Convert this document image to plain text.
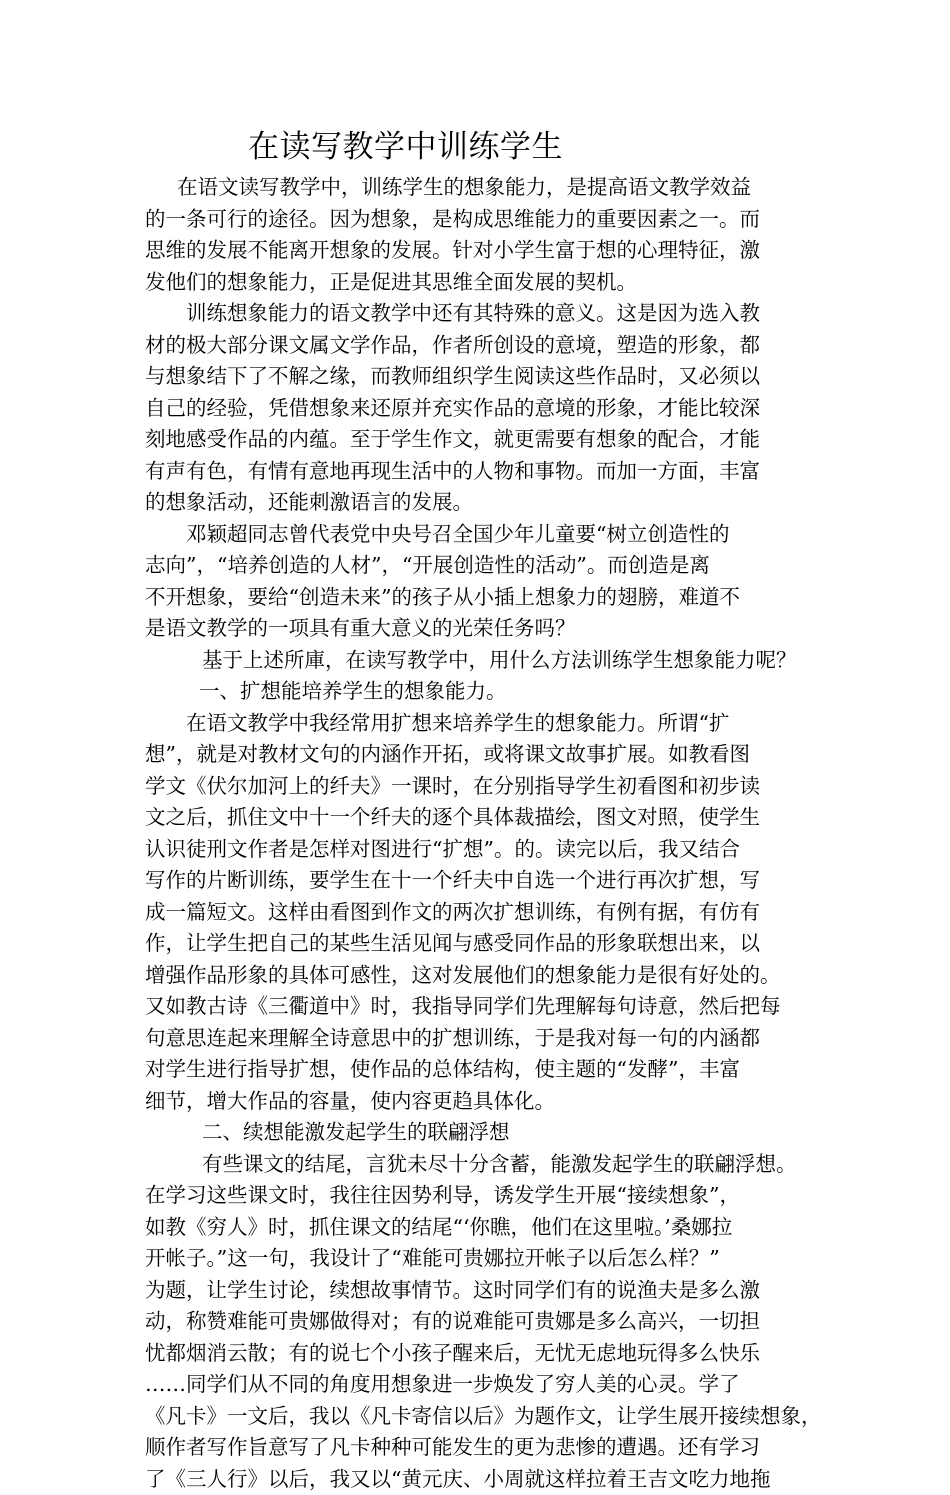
在读写教学中训练学生
在语文读写教学中，训练学生的想象能力，是提高语文教学效益
的一条可行的途径。因为想象，是构成思维能力的重要因素之一。而
思维的发展不能离开想象的发展。针对小学生富于想的心理特征，激
发他们的想象能力，正是促进其思维全面发展的契机。
训练想象能力的语文教学中还有其特殊的意义。这是因为选入教
材的极大部分课文属文学作品，作者所创设的意境，塑造的形象，都
与想象结下了不解之缘，而教师组织学生阅读这些作品时，又必须以
自己的经验，凭借想象来还原并充实作品的意境的形象，才能比较深
刻地感受作品的内蕴。至于学生作文，就更需要有想象的配合，才能
有声有色，有情有意地再现生活中的人物和事物。而加一方面，丰富
的想象活动，还能刺激语言的发展。
邓颖超同志曾代表党中央号召全国少年儿童要“树立创造性的
志向”，“培养创造的人材”，“开展创造性的活动”。而创造是离
不开想象，要给“创造未来”的孩子从小插上想象力的翅膀，难道不
是语文教学的一项具有重大意义的光荣任务吗？
基于上述所庫，在读写教学中，用什么方法训练学生想象能力呢？
一、扩想能培养学生的想象能力。
在语文教学中我经常用扩想来培养学生的想象能力。所谓“扩
想”，就是对教材文句的内涵作开拓，或将课文故事扩展。如教看图
学文《伏尔加河上的纤夫》一课时，在分别指导学生初看图和初步读
文之后，抓住文中十一个纤夫的逐个具体裁描绘，图文对照，使学生
认识徒刑文作者是怎样对图进行“扩想”。的。读完以后，我又结合
写作的片断训练，要学生在十一个纤夫中自选一个进行再次扩想，写
成一篇短文。这样由看图到作文的两次扩想训练，有例有据，有仿有
作，让学生把自己的某些生活见闻与感受同作品的形象联想出来，以
增强作品形象的具体可感性，这对发展他们的想象能力是很有好处的。
又如教古诗《三衢道中》时，我指导同学们先理解每句诗意，然后把每
句意思连起来理解全诗意思中的扩想训练，于是我对每一句的内涵都
对学生进行指导扩想，使作品的总体结构，使主题的“发酵”，丰富
细节，增大作品的容量，使内容更趋具体化。
二、续想能激发起学生的联翩浮想
有些课文的结尾，言犹未尽十分含蓄，能激发起学生的联翩浮想。
在学习这些课文时，我往往因势利导，诱发学生开展“接续想象”，
如教《穷人》时，抓住课文的结尾“‘你瞧，他们在这里啦。’桑娜拉
开帐子。”这一句，我设计了“难能可贵娜拉开帐子以后怎么样？”
为题，让学生讨论，续想故事情节。这时同学们有的说渔夫是多么激
动，称赞难能可贵娜做得对；有的说难能可贵娜是多么高兴，一切担
忧都烟消云散；有的说七个小孩子醒来后，无忧无虑地玩得多么快乐
……同学们从不同的角度用想象进一步焕发了穷人美的心灵。学了
《凡卡》一文后，我以《凡卡寄信以后》为题作文，让学生展开接续想象，
顺作者写作旨意写了凡卡种种可能发生的更为悲惨的遭遇。还有学习
了《三人行》以后，我又以“黄元庆、小周就这样拉着王吉文吃力地拖
